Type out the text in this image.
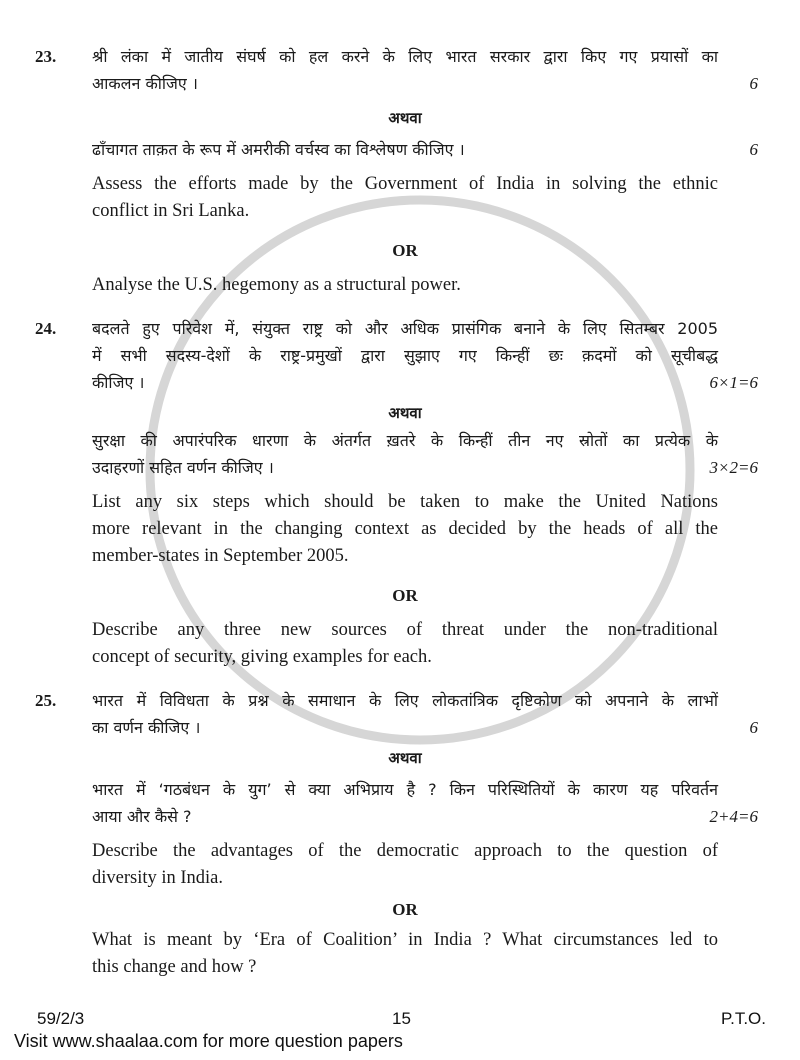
23. श्री लंका में जातीय संघर्ष को हल करने के लिए भारत सरकार द्वारा किए गए प्रयासों का
आकलन कीजिए ।	6
अथवा
ढाँचागत ताक़त के रूप में अमरीकी वर्चस्व का विश्लेषण कीजिए ।	6
Assess the efforts made by the Government of India in solving the ethnic
conflict in Sri Lanka.
OR
Analyse the U.S. hegemony as a structural power.
24. बदलते हुए परिवेश में, संयुक्त राष्ट्र को और अधिक प्रासंगिक बनाने के लिए सितम्बर 2005
में सभी सदस्य-देशों के राष्ट्र-प्रमुखों द्वारा सुझाए गए किन्हीं छः क़दमों को सूचीबद्ध
कीजिए ।	6×1=6
अथवा
सुरक्षा की अपारंपरिक धारणा के अंतर्गत ख़तरे के किन्हीं तीन नए स्रोतों का प्रत्येक के
उदाहरणों सहित वर्णन कीजिए ।	3×2=6
List any six steps which should be taken to make the United Nations
more relevant in the changing context as decided by the heads of all the
member-states in September 2005.
OR
Describe any three new sources of threat under the non-traditional
concept of security, giving examples for each.
25. भारत में विविधता के प्रश्न के समाधान के लिए लोकतांत्रिक दृष्टिकोण को अपनाने के लाभों
का वर्णन कीजिए ।	6
अथवा
भारत में ‘गठबंधन के युग’ से क्या अभिप्राय है ? किन परिस्थितियों के कारण यह परिवर्तन
आया और कैसे ?	2+4=6
Describe the advantages of the democratic approach to the question of
diversity in India.
OR
What is meant by ‘Era of Coalition’ in India ? What circumstances led to
this change and how ?
59/2/3	15	P.T.O.
Visit www.shaalaa.com for more question papers
